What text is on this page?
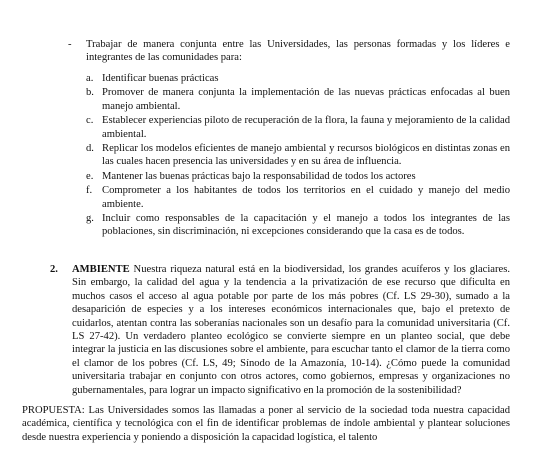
-	Trabajar de manera conjunta entre las Universidades, las personas formadas y los líderes e integrantes de las comunidades para:
a. Identificar buenas prácticas
b. Promover de manera conjunta la implementación de las nuevas prácticas enfocadas al buen manejo ambiental.
c. Establecer experiencias piloto de recuperación de la flora, la fauna y mejoramiento de la calidad ambiental.
d. Replicar los modelos eficientes de manejo ambiental y recursos biológicos en distintas zonas en las cuales hacen presencia las universidades y en su área de influencia.
e. Mantener las buenas prácticas bajo la responsabilidad de todos los actores
f. Comprometer a los habitantes de todos los territorios en el cuidado y manejo del medio ambiente.
g. Incluir como responsables de la capacitación y el manejo a todos los integrantes de las poblaciones, sin discriminación, ni excepciones considerando que la casa es de todos.
2. AMBIENTE Nuestra riqueza natural está en la biodiversidad, los grandes acuíferos y los glaciares. Sin embargo, la calidad del agua y la tendencia a la privatización de ese recurso que dificulta en muchos casos el acceso al agua potable por parte de los más pobres (Cf. LS 29-30), sumado a la desaparición de especies y a los intereses económicos internacionales que, bajo el pretexto de cuidarlos, atentan contra las soberanías nacionales son un desafío para la comunidad universitaria (Cf. LS 27-42). Un verdadero planteo ecológico se convierte siempre en un planteo social, que debe integrar la justicia en las discusiones sobre el ambiente, para escuchar tanto el clamor de la tierra como el clamor de los pobres (Cf. LS, 49; Sínodo de la Amazonía, 10-14). ¿Cómo puede la comunidad universitaria trabajar en conjunto con otros actores, como gobiernos, empresas y organizaciones no gubernamentales, para lograr un impacto significativo en la promoción de la sostenibilidad?
PROPUESTA: Las Universidades somos las llamadas a poner al servicio de la sociedad toda nuestra capacidad académica, científica y tecnológica con el fin de identificar problemas de índole ambiental y plantear soluciones desde nuestra experiencia y poniendo a disposición la capacidad logística, el talento
